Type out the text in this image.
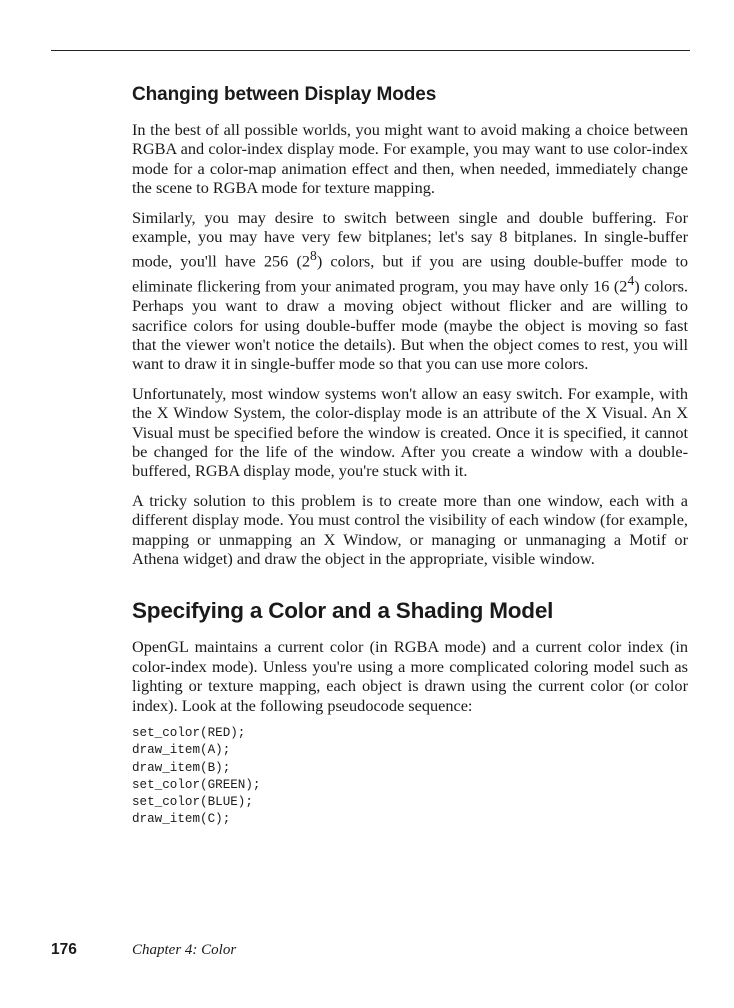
Changing between Display Modes

In the best of all possible worlds, you might want to avoid making a choice between RGBA and color-index display mode. For example, you may want to use color-index mode for a color-map animation effect and then, when needed, immediately change the scene to RGBA mode for texture mapping.

Similarly, you may desire to switch between single and double buffering. For example, you may have very few bitplanes; let's say 8 bitplanes. In single-buffer mode, you'll have 256 $(2^8)$ colors, but if you are using double-buffer mode to eliminate flickering from your animated program, you may have only 16 $(2^4)$ colors. Perhaps you want to draw a moving object without flicker and are willing to sacrifice colors for using double-buffer mode (maybe the object is moving so fast that the viewer won't notice the details). But when the object comes to rest, you will want to draw it in single-buffer mode so that you can use more colors.

Unfortunately, most window systems won't allow an easy switch. For example, with the X Window System, the color-display mode is an attribute of the X Visual. An X Visual must be specified before the window is created. Once it is specified, it cannot be changed for the life of the window. After you create a window with a double-buffered, RGBA display mode, you're stuck with it.

A tricky solution to this problem is to create more than one window, each with a different display mode. You must control the visibility of each window (for example, mapping or unmapping an X Window, or managing or unmanaging a Motif or Athena widget) and draw the object in the appropriate, visible window.

Specifying a Color and a Shading Model

OpenGL maintains a current color (in RGBA mode) and a current color index (in color-index mode). Unless you're using a more complicated coloring model such as lighting or texture mapping, each object is drawn using the current color (or color index). Look at the following pseudocode sequence:

set_color(RED);
draw_item(A);
draw_item(B);
set_color(GREEN);
set_color(BLUE);
draw_item(C);
176	Chapter 4: Color
